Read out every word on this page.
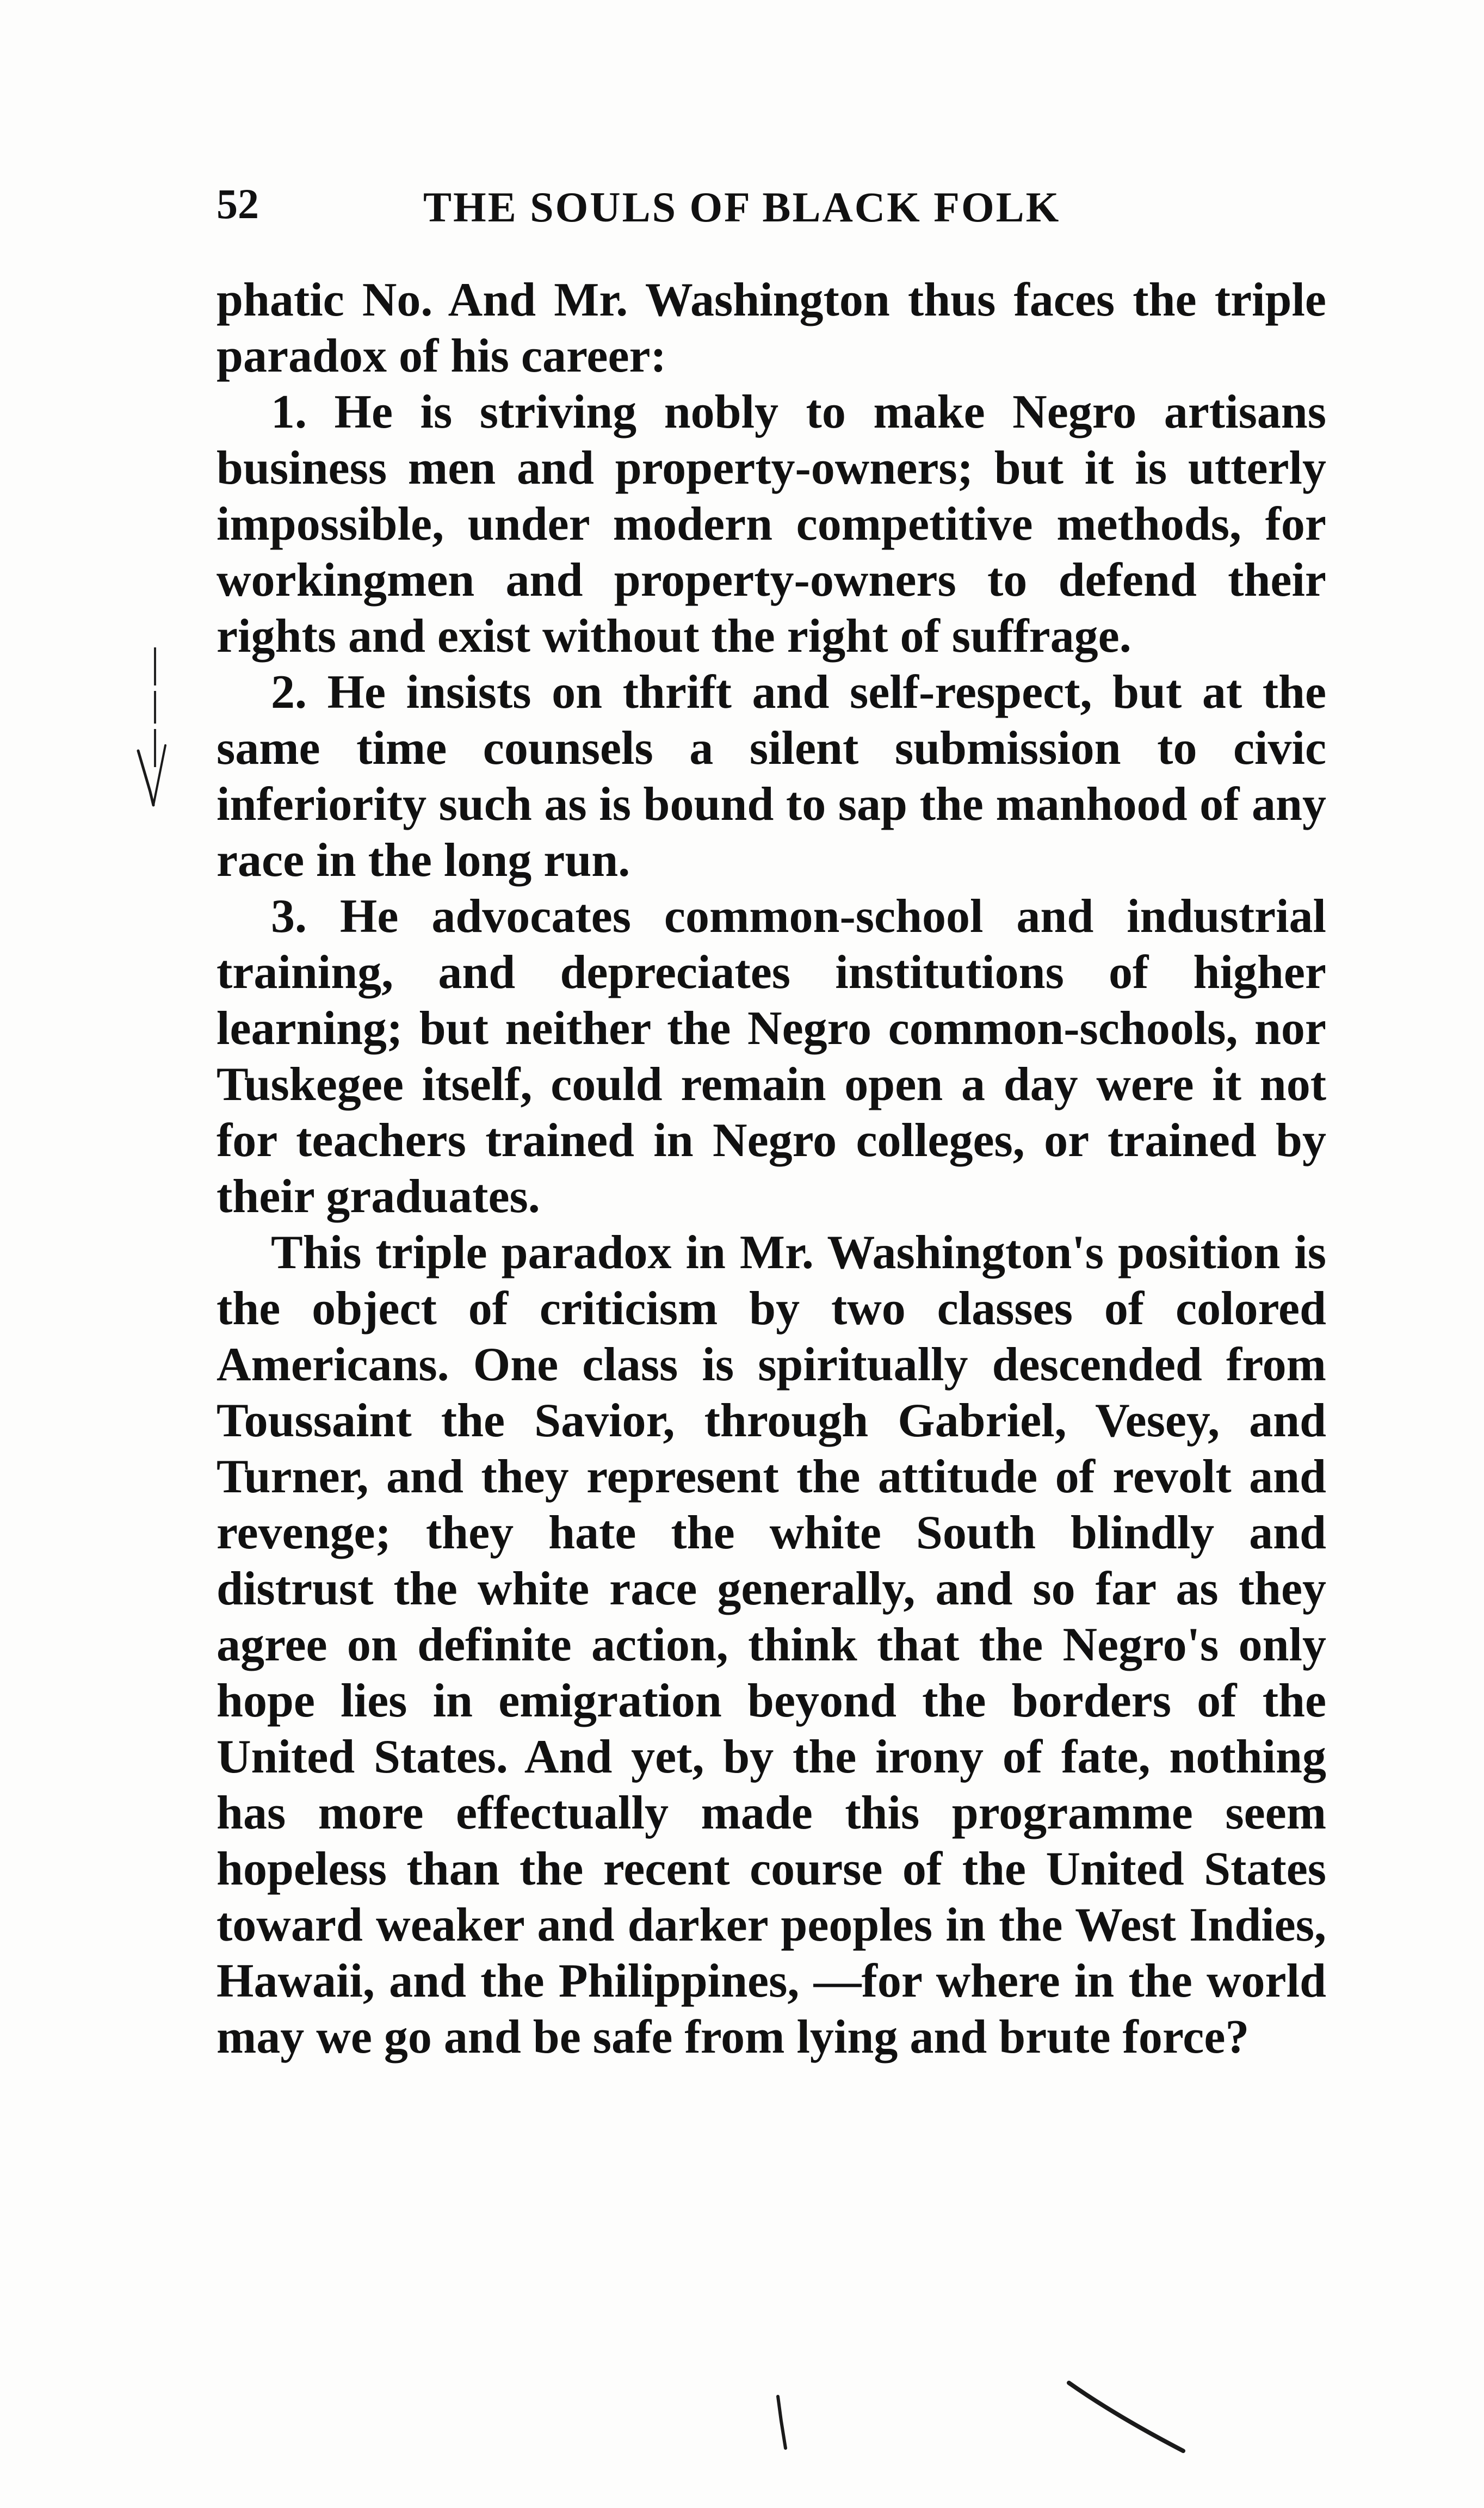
52	THE SOULS OF BLACK FOLK

phatic No. And Mr. Washington thus faces the triple paradox of his career:

1. He is striving nobly to make Negro artisans business men and property-owners; but it is utterly impossible, under modern competitive methods, for workingmen and property-owners to defend their rights and exist without the right of suffrage.

2. He insists on thrift and self-respect, but at the same time counsels a silent submission to civic inferiority such as is bound to sap the manhood of any race in the long run.

3. He advocates common-school and industrial training, and depreciates institutions of higher learning; but neither the Negro common-schools, nor Tuskegee itself, could remain open a day were it not for teachers trained in Negro colleges, or trained by their graduates.

This triple paradox in Mr. Washington's position is the object of criticism by two classes of colored Americans. One class is spiritually descended from Toussaint the Savior, through Gabriel, Vesey, and Turner, and they represent the attitude of revolt and revenge; they hate the white South blindly and distrust the white race generally, and so far as they agree on definite action, think that the Negro's only hope lies in emigration beyond the borders of the United States. And yet, by the irony of fate, nothing has more effectually made this programme seem hopeless than the recent course of the United States toward weaker and darker peoples in the West Indies, Hawaii, and the Philippines, —for where in the world may we go and be safe from lying and brute force?
